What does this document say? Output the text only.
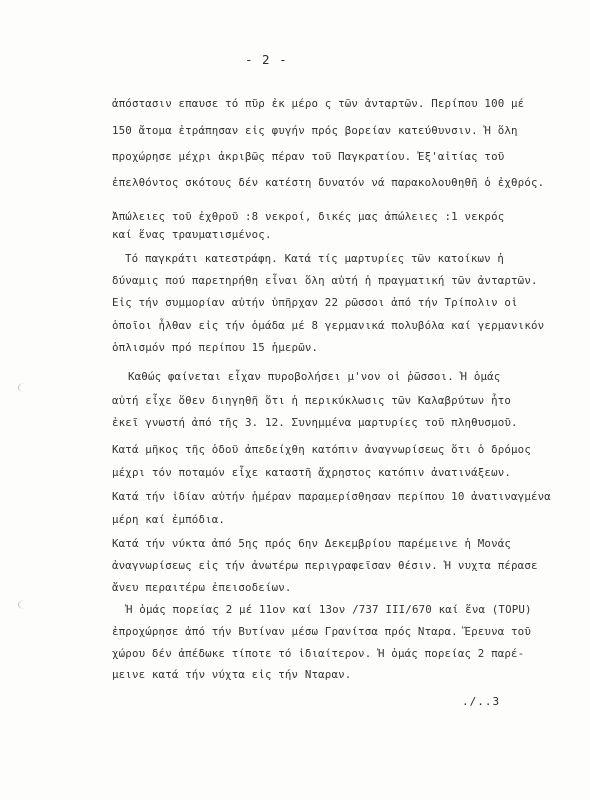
- 2 -
ἀπόστασιν επαυσε τό πῦρ ἐκ μέρο ς τῶν ἀνταρτῶν. Περίπου 100 μέ
150 ἄτομα ἐτράπησαν εἰς φυγήν πρός βορείαν κατεύθυνσιν. Ἡ ὅλη
προχώρησε μέχρι ἀκριβῶς πέραν τοῦ Παγκρατίου. Ἐξ'αἰτίας τοῦ
ἐπελθόντος σκότους δέν κατέστη δυνατόν νά παρακολουθηθῆ ὁ ἐχθρός.
Ἀπώλειες τοῦ ἐχθροῦ :8 νεκροί, δικές μας ἀπώλειες :1 νεκρός
καί ἕνας τραυματισμένος.
Τό παγκράτι κατεστράφη. Κατά τίς μαρτυρίες τῶν κατοίκων ἡ
δύναμις πού παρετηρήθη εἶναι ὅλη αὐτή ἡ πραγματική τῶν ἀνταρτῶν.
Εἰς τήν συμμορίαν αὐτήν ὑπῆρχαν 22 ρῶσσοι ἀπό τήν Τρίπολιν οἱ
ὁποῖοι ἦλθαν εἰς τήν ὁμάδα μέ 8 γερμανικά πολυβόλα καί γερμανικόν
ὁπλισμόν πρό περίπου 15 ἡμερῶν.
Καθώς φαίνεται εἶχαν πυροβολήσει μ'νον οἱ ῥῶσσοι. Ἡ ὁμάς
αὐτή εἶχε ὅθεν διηγηθῆ ὅτι ἡ περικύκλωσις τῶν Καλαβρύτων ἦτο
ἐκεῖ γνωστή ἀπό τῆς 3. 12. Συνημμένα μαρτυρίες τοῦ πληθυσμοῦ.
Κατά μῆκος τῆς ὁδοῦ ἀπεδείχθη κατόπιν ἀναγνωρίσεως ὅτι ὁ δρόμος
μέχρι τόν ποταμόν εἶχε καταστῆ ἄχρηστος κατόπιν ἀνατινάξεων.
Κατά τήν ἰδίαν αὐτήν ἡμέραν παραμερίσθησαν περίπου 10 ἀνατιναγμένα
μέρη καί ἐμπόδια.
Κατά τήν νύκτα ἀπό 5ης πρός 6ην Δεκεμβρίου παρέμεινε ἡ Μονάς
ἀναγνωρίσεως εἰς τήν ἀνωτέρω περιγραφεῖσαν θέσιν. Ἡ νυχτα πέρασε
ἄνευ περαιτέρω ἐπεισοδείων.
Ἡ ὁμάς πορείας 2 μέ 11ον καί 13ον /737 III/670 καί ἕνα (TOPU)
ἐπροχώρησε ἀπό τήν Βυτίναν μέσω Γρανίτσα πρός Νταρα. Ἔρευνα τοῦ
χώρου δέν ἀπέδωκε τίποτε τό ἰδιαίτερον. Ἡ ὁμάς πορείας 2 παρέ-
μεινε κατά τήν νύχτα εἰς τήν Νταραν.
./..3
